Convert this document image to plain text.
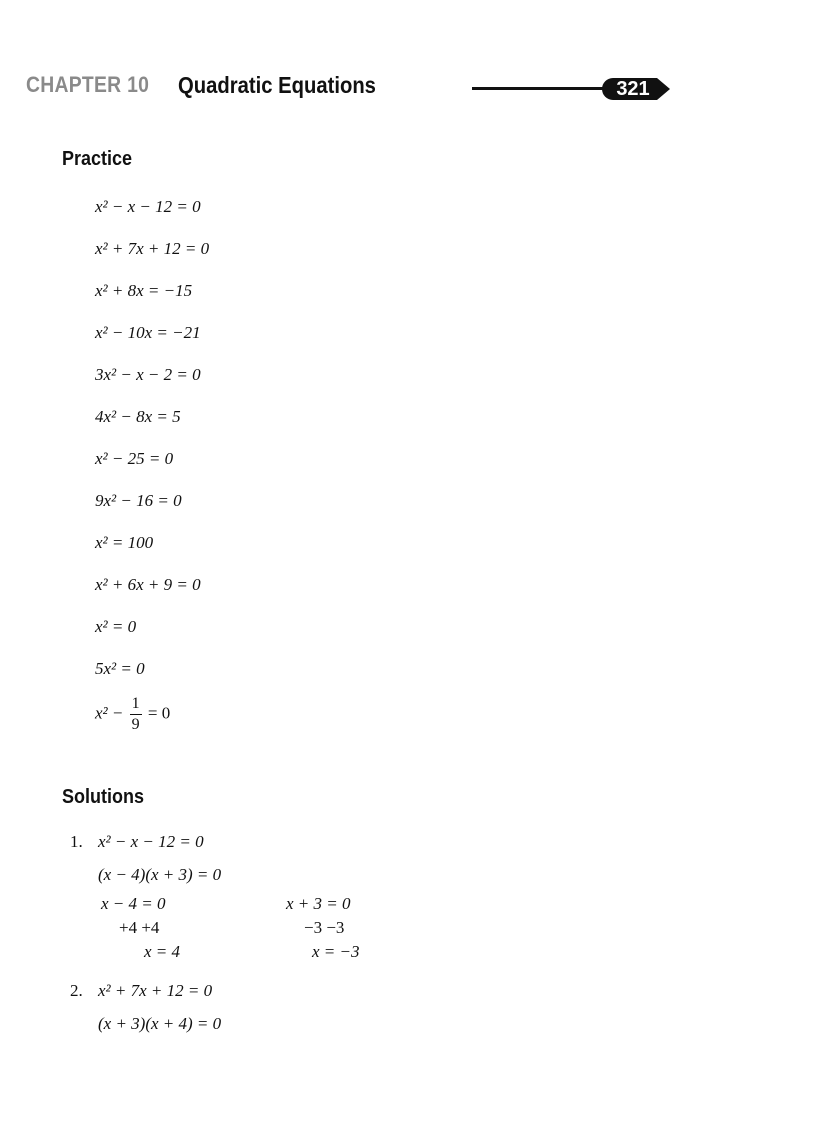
CHAPTER 10 Quadratic Equations	321
Practice
x² − x − 12 = 0
x² + 7x + 12 = 0
x² + 8x = −15
x² − 10x = −21
3x² − x − 2 = 0
4x² − 8x = 5
x² − 25 = 0
9x² − 16 = 0
x² = 100
x² + 6x + 9 = 0
x² = 0
5x² = 0
$x^2 - \frac{1}{9} = 0$
Solutions
1. x² − x − 12 = 0
(x − 4)(x + 3) = 0
x − 4 = 0
+4 +4
x = 4
x + 3 = 0
−3 −3
x = −3
2. x² + 7x + 12 = 0
(x + 3)(x + 4) = 0
